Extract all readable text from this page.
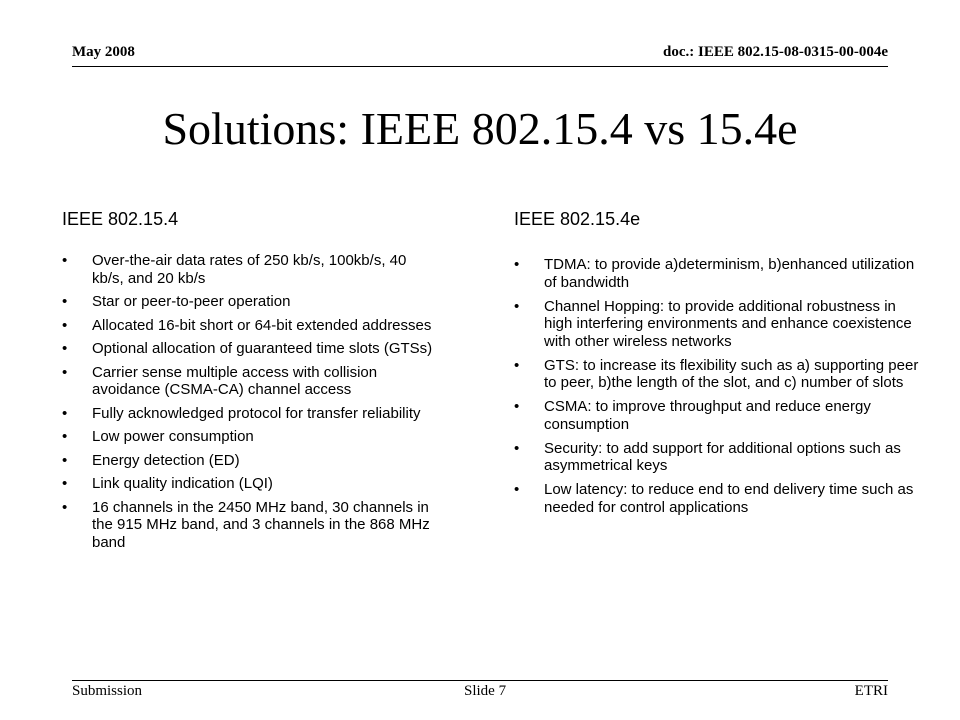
May 2008	doc.: IEEE 802.15-08-0315-00-004e
Solutions: IEEE 802.15.4 vs 15.4e
IEEE 802.15.4
• Over-the-air data rates of 250 kb/s, 100kb/s, 40 kb/s, and 20 kb/s
• Star or peer-to-peer operation
• Allocated 16-bit short or 64-bit extended addresses
• Optional allocation of guaranteed time slots (GTSs)
• Carrier sense multiple access with collision avoidance (CSMA-CA) channel access
• Fully acknowledged protocol for transfer reliability
• Low power consumption
• Energy detection (ED)
• Link quality indication (LQI)
• 16 channels in the 2450 MHz band, 30 channels in the 915 MHz band, and 3 channels in the 868 MHz band
IEEE 802.15.4e
• TDMA: to provide a)determinism, b)enhanced utilization of bandwidth
• Channel Hopping: to provide additional robustness in high interfering environments and enhance coexistence with other wireless networks
• GTS: to increase its flexibility such as a) supporting peer to peer, b)the length of the slot, and c) number of slots
• CSMA: to improve throughput and reduce energy consumption
• Security: to add support for additional options such as asymmetrical keys
• Low latency: to reduce end to end delivery time such as needed for control applications
Submission	Slide 7	ETRI
